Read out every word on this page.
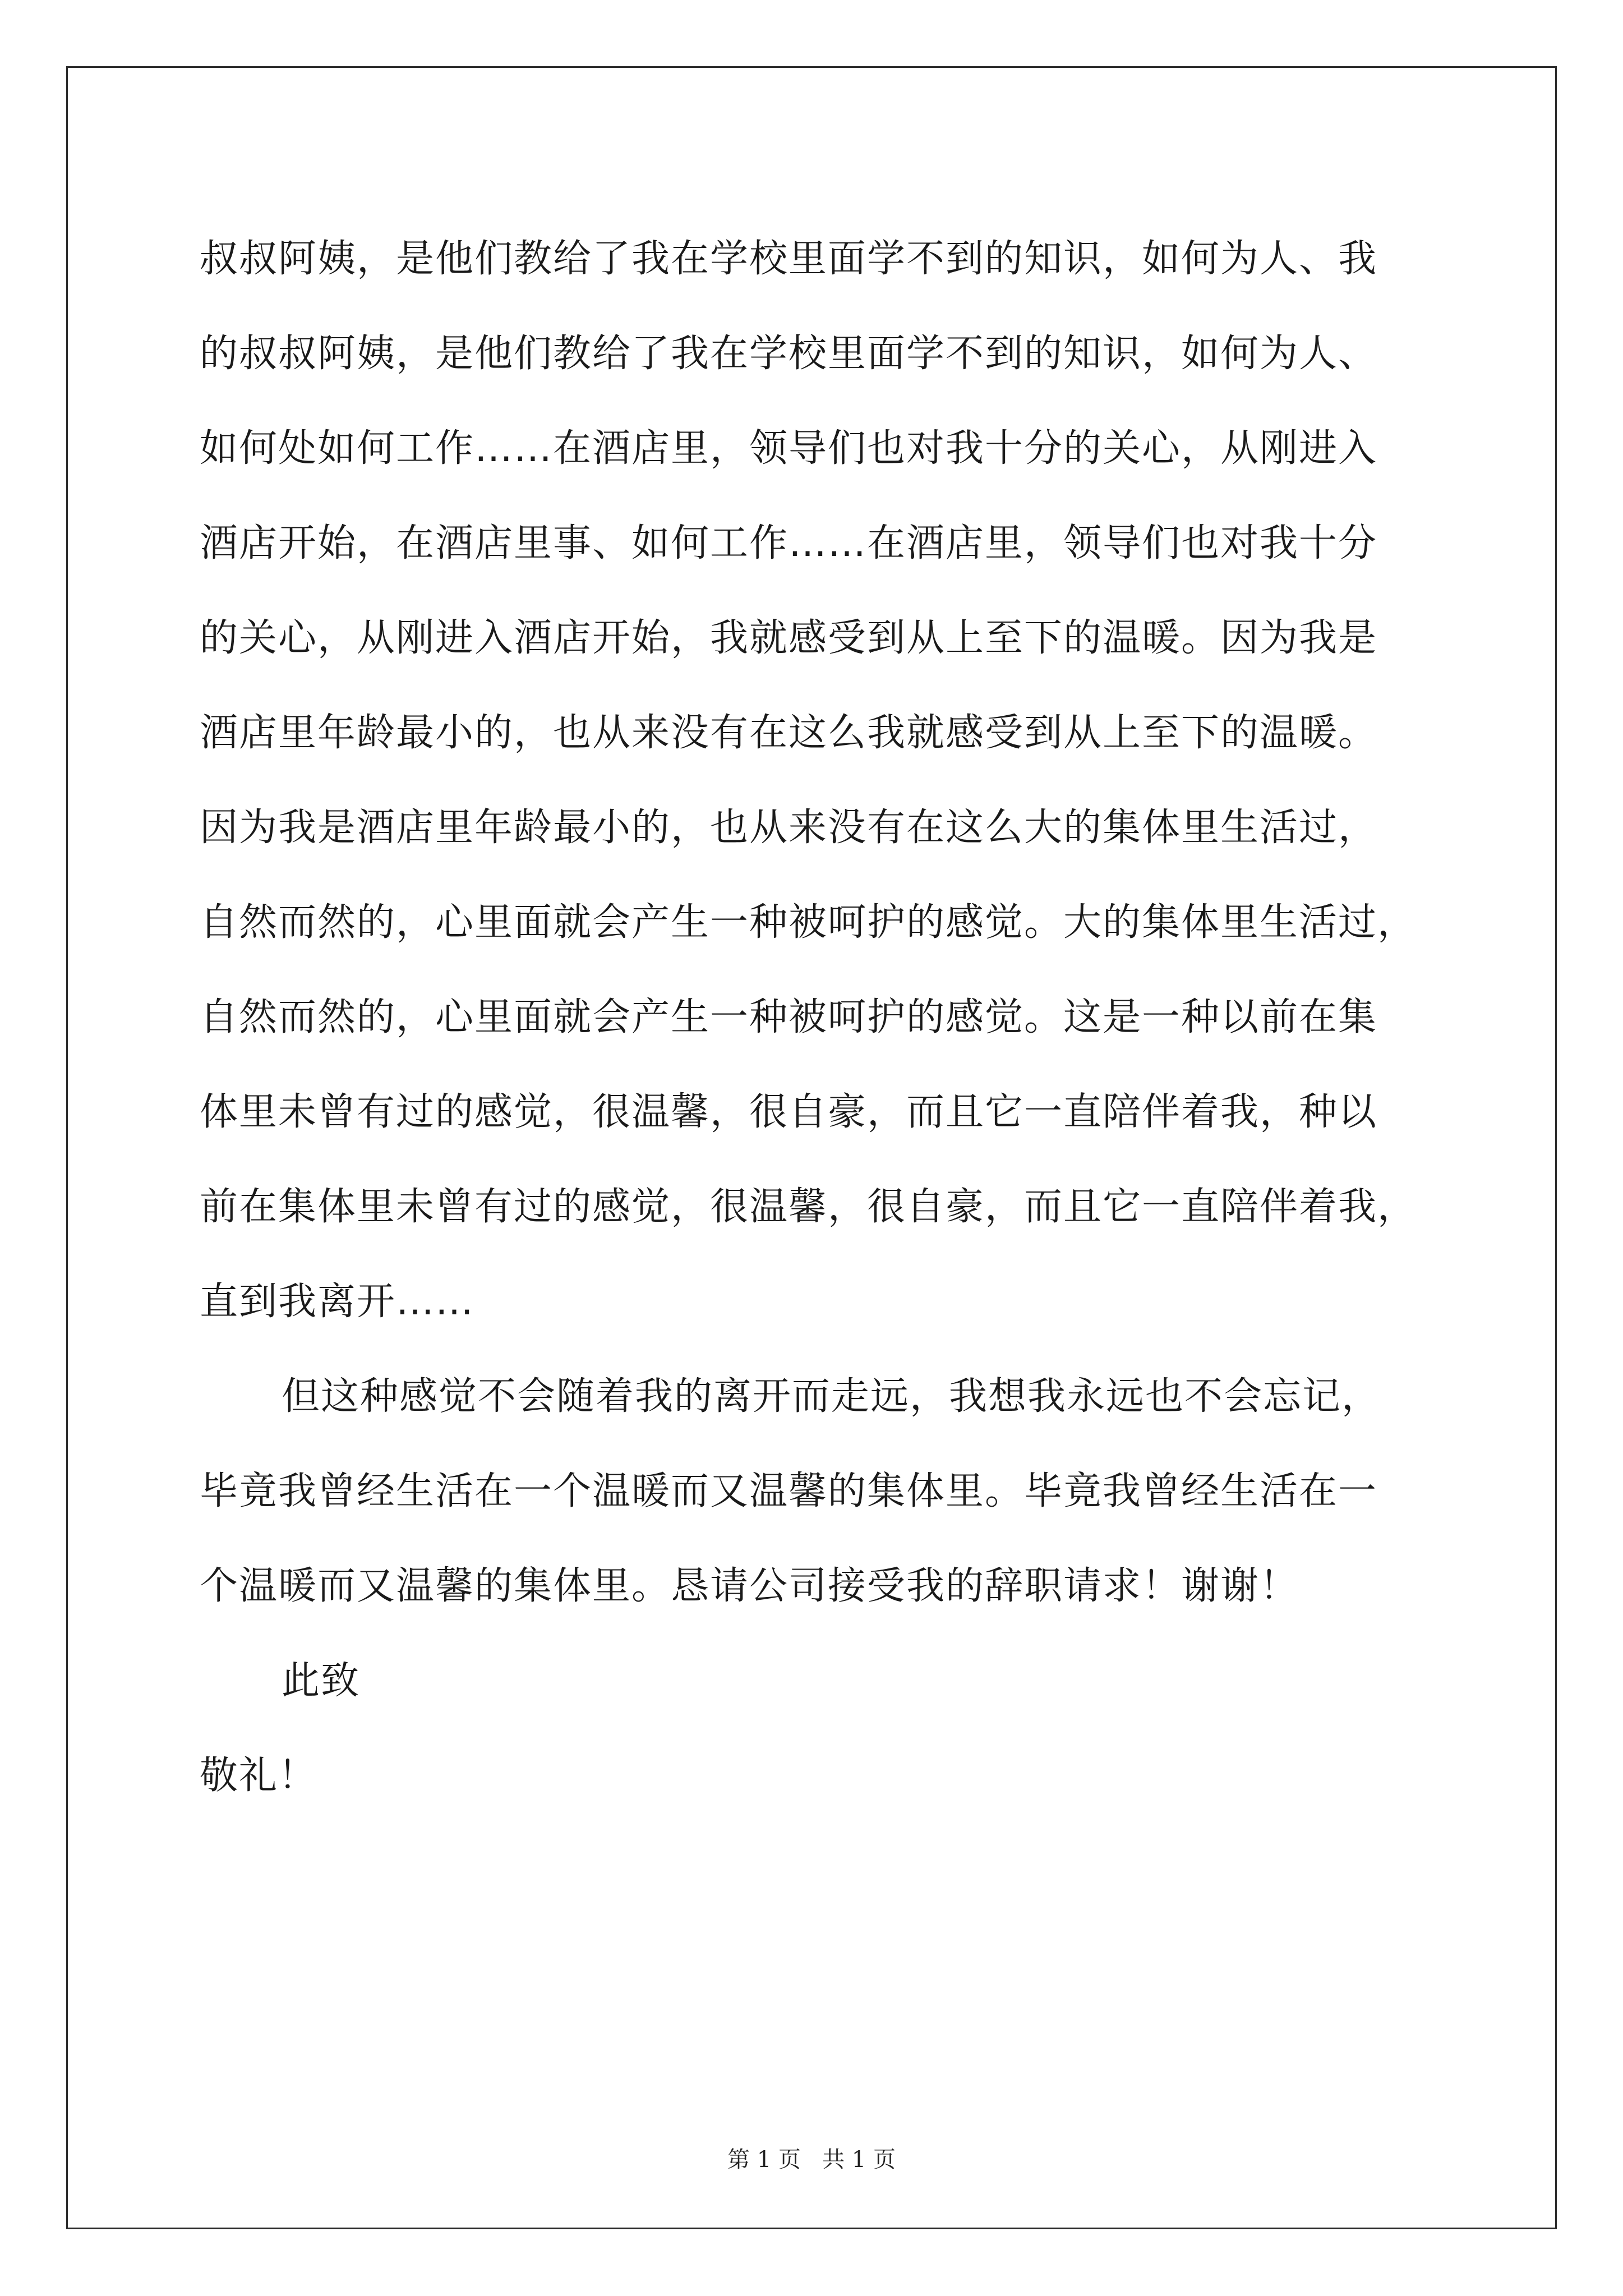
叔叔阿姨，是他们教给了我在学校里面学不到的知识，如何为人、我
的叔叔阿姨，是他们教给了我在学校里面学不到的知识，如何为人、
如何处如何工作……在酒店里，领导们也对我十分的关心，从刚进入
酒店开始，在酒店里事、如何工作……在酒店里，领导们也对我十分
的关心，从刚进入酒店开始，我就感受到从上至下的温暖。因为我是
酒店里年龄最小的，也从来没有在这么我就感受到从上至下的温暖。
因为我是酒店里年龄最小的，也从来没有在这么大的集体里生活过，
自然而然的，心里面就会产生一种被呵护的感觉。大的集体里生活过，
自然而然的，心里面就会产生一种被呵护的感觉。这是一种以前在集
体里未曾有过的感觉，很温馨，很自豪，而且它一直陪伴着我，种以
前在集体里未曾有过的感觉，很温馨，很自豪，而且它一直陪伴着我，
直到我离开……
但这种感觉不会随着我的离开而走远，我想我永远也不会忘记，
毕竟我曾经生活在一个温暖而又温馨的集体里。毕竟我曾经生活在一
个温暖而又温馨的集体里。恳请公司接受我的辞职请求！谢谢！
此致
敬礼！
第 1 页   共 1 页
